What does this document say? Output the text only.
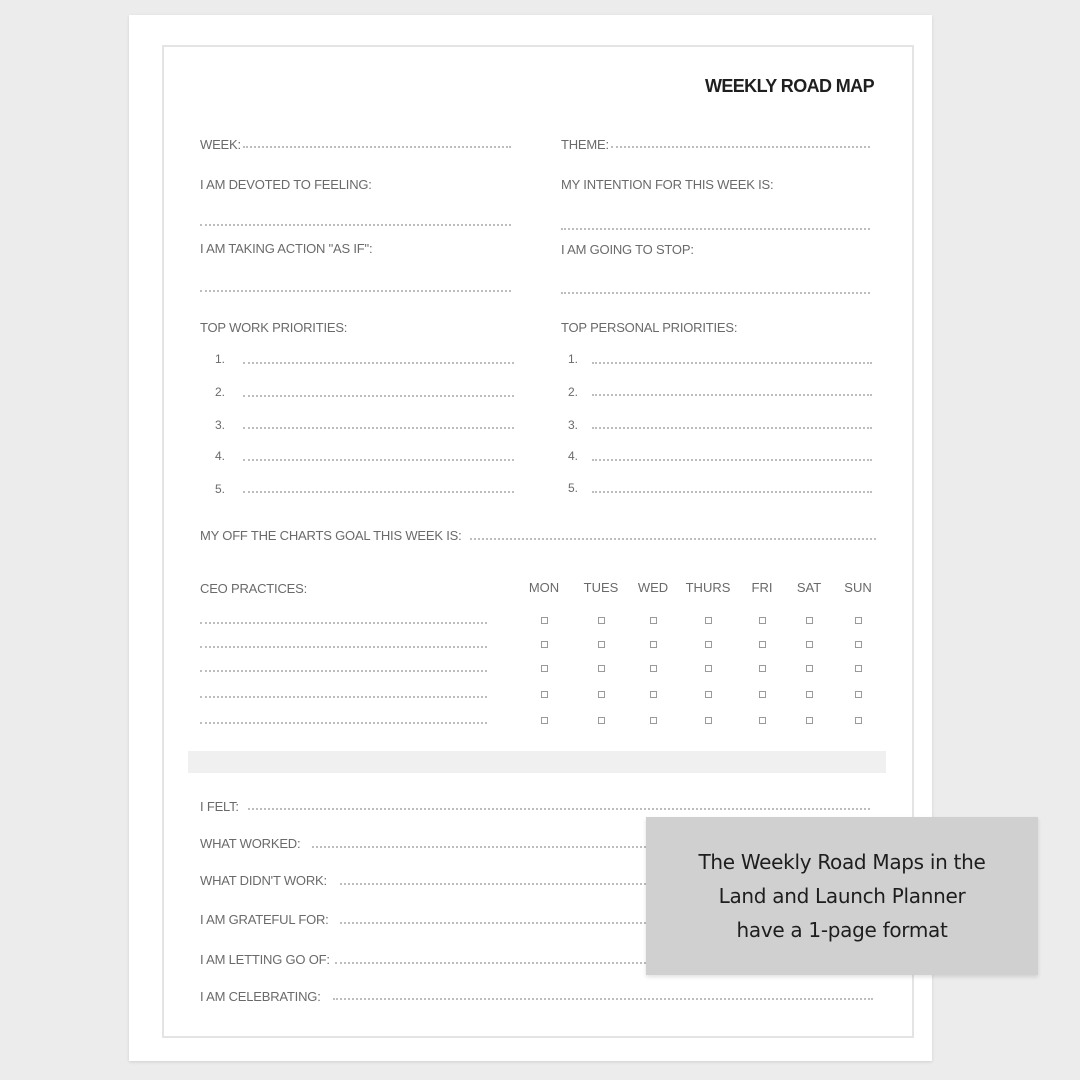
WEEKLY ROAD MAP
WEEK:	THEME:
I AM DEVOTED TO FEELING:	MY INTENTION FOR THIS WEEK IS:
I AM TAKING ACTION "AS IF":	I AM GOING TO STOP:
TOP WORK PRIORITIES:	TOP PERSONAL PRIORITIES:
1.
2.
3.
4.
5.
1.
2.
3.
4.
5.
MY OFF THE CHARTS GOAL THIS WEEK IS:
CEO PRACTICES:	MON TUES WED THURS FRI SAT SUN
I FELT:
WHAT WORKED:
WHAT DIDN'T WORK:
I AM GRATEFUL FOR:
I AM LETTING GO OF:
I AM CELEBRATING:
The Weekly Road Maps in the
Land and Launch Planner
have a 1-page format
